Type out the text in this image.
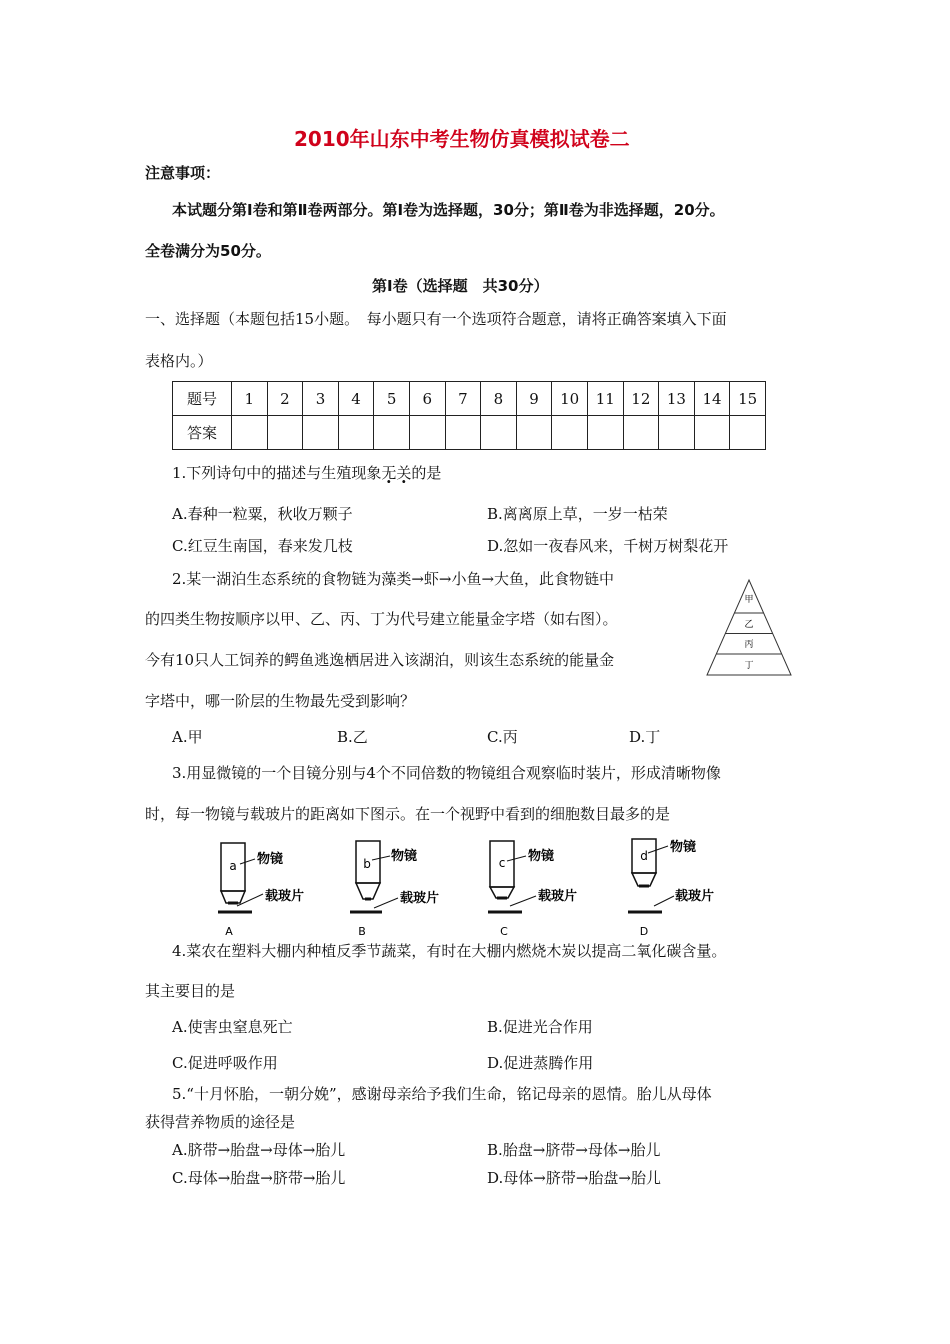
2010年山东中考生物仿真模拟试卷二
注意事项：
本试题分第Ⅰ卷和第Ⅱ卷两部分。第Ⅰ卷为选择题，30分；第Ⅱ卷为非选择题，20分。
全卷满分为50分。
第Ⅰ卷（选择题　共30分）
一、选择题（本题包括15小题。　每小题只有一个选项符合题意，请将正确答案填入下面
表格内。）
题号	1	2	3	4	5	6	7	8	9	10	11	12	13	14	15
答案															
1.下列诗句中的描述与生殖现象无关的是
A.春种一粒粟，秋收万颗子	B.离离原上草，一岁一枯荣
C.红豆生南国，春来发几枝	D.忽如一夜春风来，千树万树梨花开
2.某一湖泊生态系统的食物链为藻类→虾→小鱼→大鱼，此食物链中
的四类生物按顺序以甲、乙、丙、丁为代号建立能量金字塔（如右图）。
今有10只人工饲养的鳄鱼逃逸栖居进入该湖泊，则该生态系统的能量金
字塔中，哪一阶层的生物最先受到影响？
A.甲	B.乙	C.丙	D.丁
甲
乙
丙
丁
3.用显微镜的一个目镜分别与4个不同倍数的物镜组合观察临时装片，形成清晰物像
时，每一物镜与载玻片的距离如下图示。在一个视野中看到的细胞数目最多的是
a 物镜
载玻片
A
b 物镜
载玻片
B
c 物镜
载玻片
C
d
物镜
载玻片
D
4.菜农在塑料大棚内种植反季节蔬菜，有时在大棚内燃烧木炭以提高二氧化碳含量。
其主要目的是
A.使害虫窒息死亡	B.促进光合作用
C.促进呼吸作用	D.促进蒸腾作用
5.“十月怀胎，一朝分娩”，感谢母亲给予我们生命，铭记母亲的恩情。胎儿从母体
获得营养物质的途径是
A.脐带→胎盘→母体→胎儿	B.胎盘→脐带→母体→胎儿
C.母体→胎盘→脐带→胎儿	D.母体→脐带→胎盘→胎儿
